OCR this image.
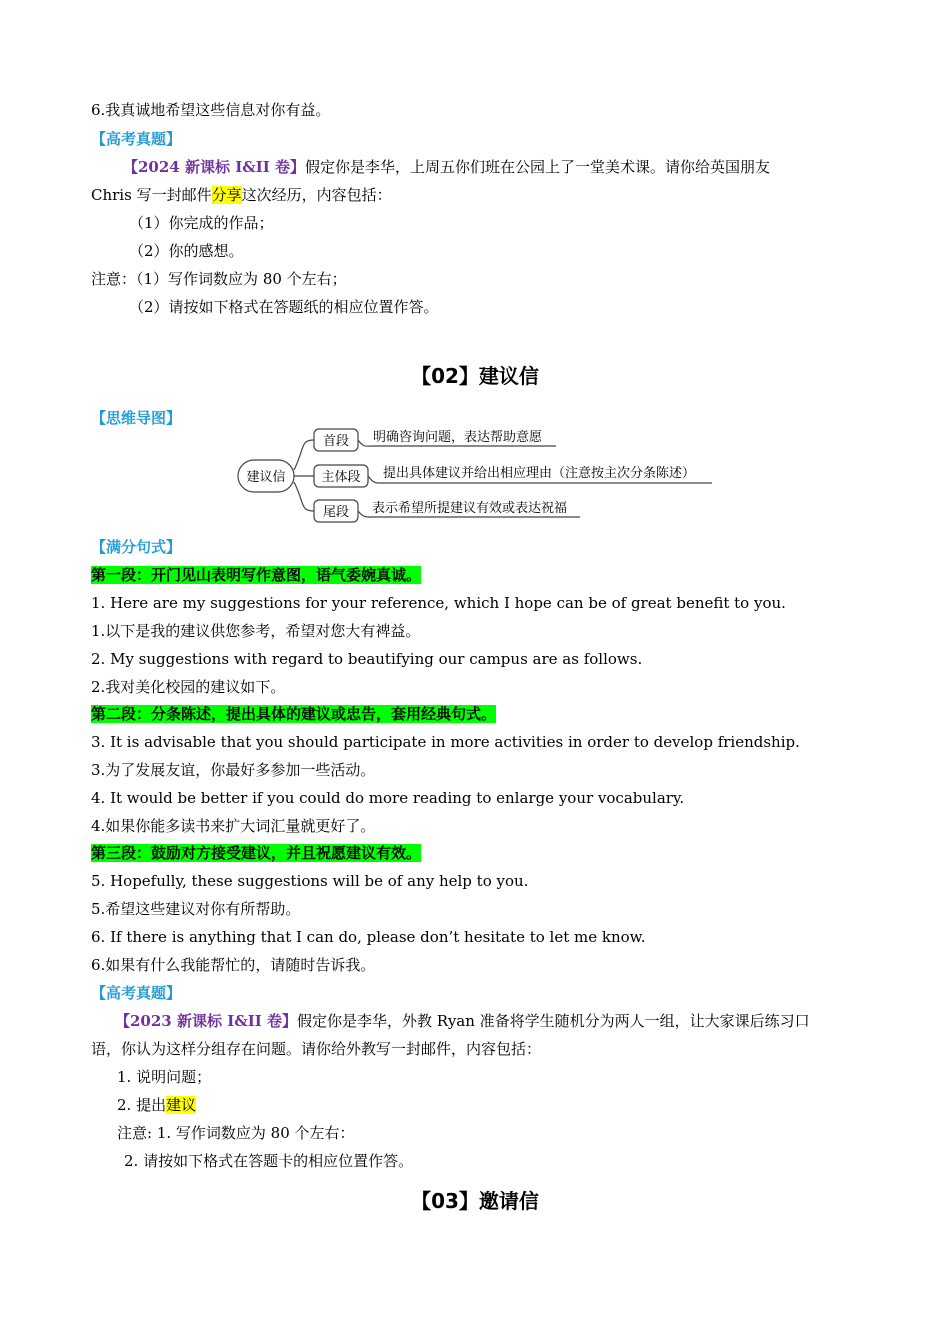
6.我真诚地希望这些信息对你有益。
【高考真题】
【2024 新课标 I&II 卷】假定你是李华，上周五你们班在公园上了一堂美术课。请你给英国朋友
Chris 写一封邮件分享这次经历，内容包括：
（1）你完成的作品；
（2）你的感想。
注意：（1）写作词数应为 80 个左右；
（2）请按如下格式在答题纸的相应位置作答。
【02】建议信
【思维导图】
建议信
首段 明确咨询问题，表达帮助意愿
主体段 提出具体建议并给出相应理由（注意按主次分条陈述）
尾段 表示希望所提建议有效或表达祝福
【满分句式】
第一段：开门见山表明写作意图，语气委婉真诚。
1. Here are my suggestions for your reference, which I hope can be of great benefit to you.
1.以下是我的建议供您参考，希望对您大有裨益。
2. My suggestions with regard to beautifying our campus are as follows.
2.我对美化校园的建议如下。
第二段：分条陈述，提出具体的建议或忠告，套用经典句式。
3. It is advisable that you should participate in more activities in order to develop friendship.
3.为了发展友谊，你最好多参加一些活动。
4. It would be better if you could do more reading to enlarge your vocabulary.
4.如果你能多读书来扩大词汇量就更好了。
第三段：鼓励对方接受建议，并且祝愿建议有效。
5. Hopefully, these suggestions will be of any help to you.
5.希望这些建议对你有所帮助。
6. If there is anything that I can do, please don’t hesitate to let me know.
6.如果有什么我能帮忙的，请随时告诉我。
【高考真题】
【2023 新课标 I&II 卷】假定你是李华，外教 Ryan 准备将学生随机分为两人一组，让大家课后练习口
语，你认为这样分组存在问题。请你给外教写一封邮件，内容包括：
1. 说明问题；
2. 提出建议
注意: 1. 写作词数应为 80 个左右：
2. 请按如下格式在答题卡的相应位置作答。
【03】邀请信
